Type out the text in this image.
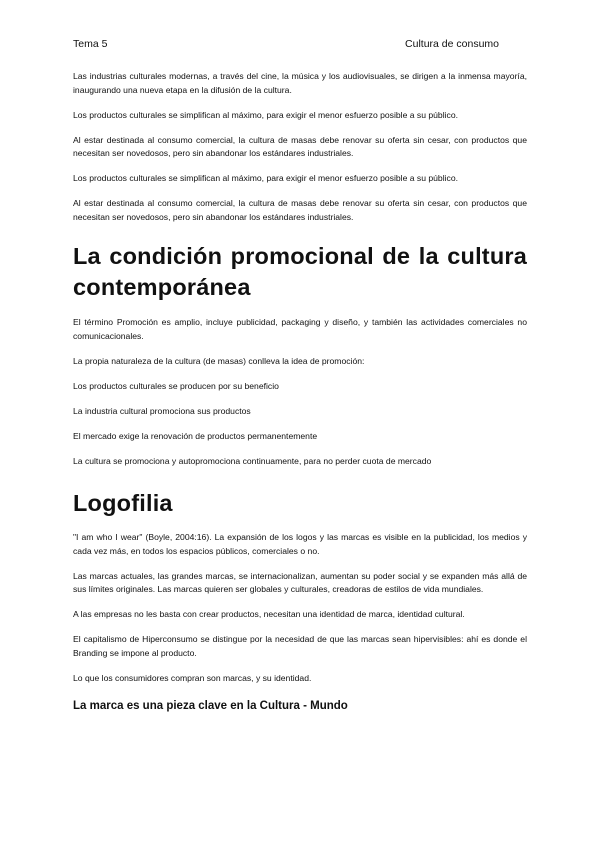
Tema 5	Cultura de consumo

Las industrias culturales modernas, a través del cine, la música y los audiovisuales, se dirigen a la inmensa mayoría, inaugurando una nueva etapa en la difusión de la cultura.

Los productos culturales se simplifican al máximo, para exigir el menor esfuerzo posible a su público.

Al estar destinada al consumo comercial, la cultura de masas debe renovar su oferta sin cesar, con productos que necesitan ser novedosos, pero sin abandonar los estándares industriales.

Los productos culturales se simplifican al máximo, para exigir el menor esfuerzo posible a su público.

Al estar destinada al consumo comercial, la cultura de masas debe renovar su oferta sin cesar, con productos que necesitan ser novedosos, pero sin abandonar los estándares industriales.

La condición promocional de la cultura contemporánea

El término Promoción es amplio, incluye publicidad, packaging y diseño, y también las actividades comerciales no comunicacionales.

La propia naturaleza de la cultura (de masas) conlleva la idea de promoción:

Los productos culturales se producen por su beneficio

La industria cultural promociona sus productos

El mercado exige la renovación de productos permanentemente

La cultura se promociona y autopromociona continuamente, para no perder cuota de mercado

Logofilia

"I am who I wear" (Boyle, 2004:16). La expansión de los logos y las marcas es visible en la publicidad, los medios y cada vez más, en todos los espacios públicos, comerciales o no.

Las marcas actuales, las grandes marcas, se internacionalizan, aumentan su poder social y se expanden más allá de sus límites originales. Las marcas quieren ser globales y culturales, creadoras de estilos de vida mundiales.

A las empresas no les basta con crear productos, necesitan una identidad de marca, identidad cultural.

El capitalismo de Hiperconsumo se distingue por la necesidad de que las marcas sean hipervisibles: ahí es donde el Branding se impone al producto.

Lo que los consumidores compran son marcas, y su identidad.

La marca es una pieza clave en la Cultura - Mundo
